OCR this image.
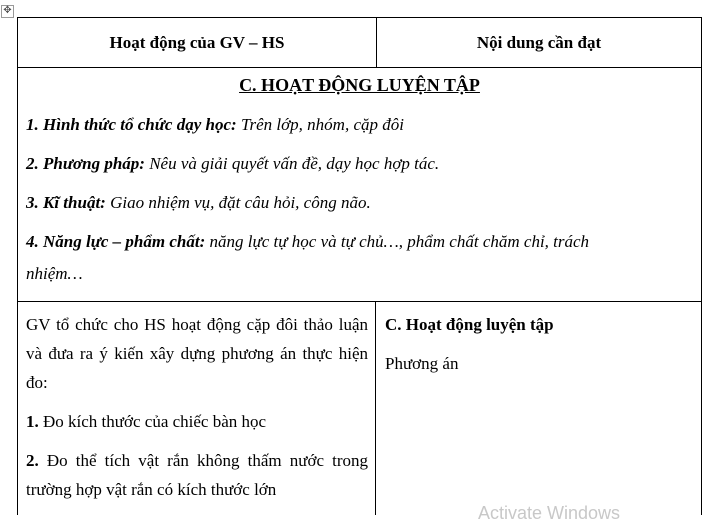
✥
Hoạt động của GV – HS	Nội dung cần đạt
C. HOẠT ĐỘNG LUYỆN TẬP
1. Hình thức tổ chức dạy học: Trên lớp, nhóm, cặp đôi
2. Phương pháp: Nêu và giải quyết vấn đề, dạy học hợp tác.
3. Kĩ thuật: Giao nhiệm vụ, đặt câu hỏi, công não.
4. Năng lực – phẩm chất: năng lực tự học và tự chủ…, phẩm chất chăm chỉ, trách
nhiệm…

GV tổ chức cho HS hoạt động cặp đôi thảo luận và đưa ra ý kiến xây dựng phương án thực hiện đo:

1. Đo kích thước của chiếc bàn học

2. Đo thể tích vật rắn không thấm nước trong trường hợp vật rắn có kích thước lớn

C. Hoạt động luyện tập

Phương án

Activate Windows
